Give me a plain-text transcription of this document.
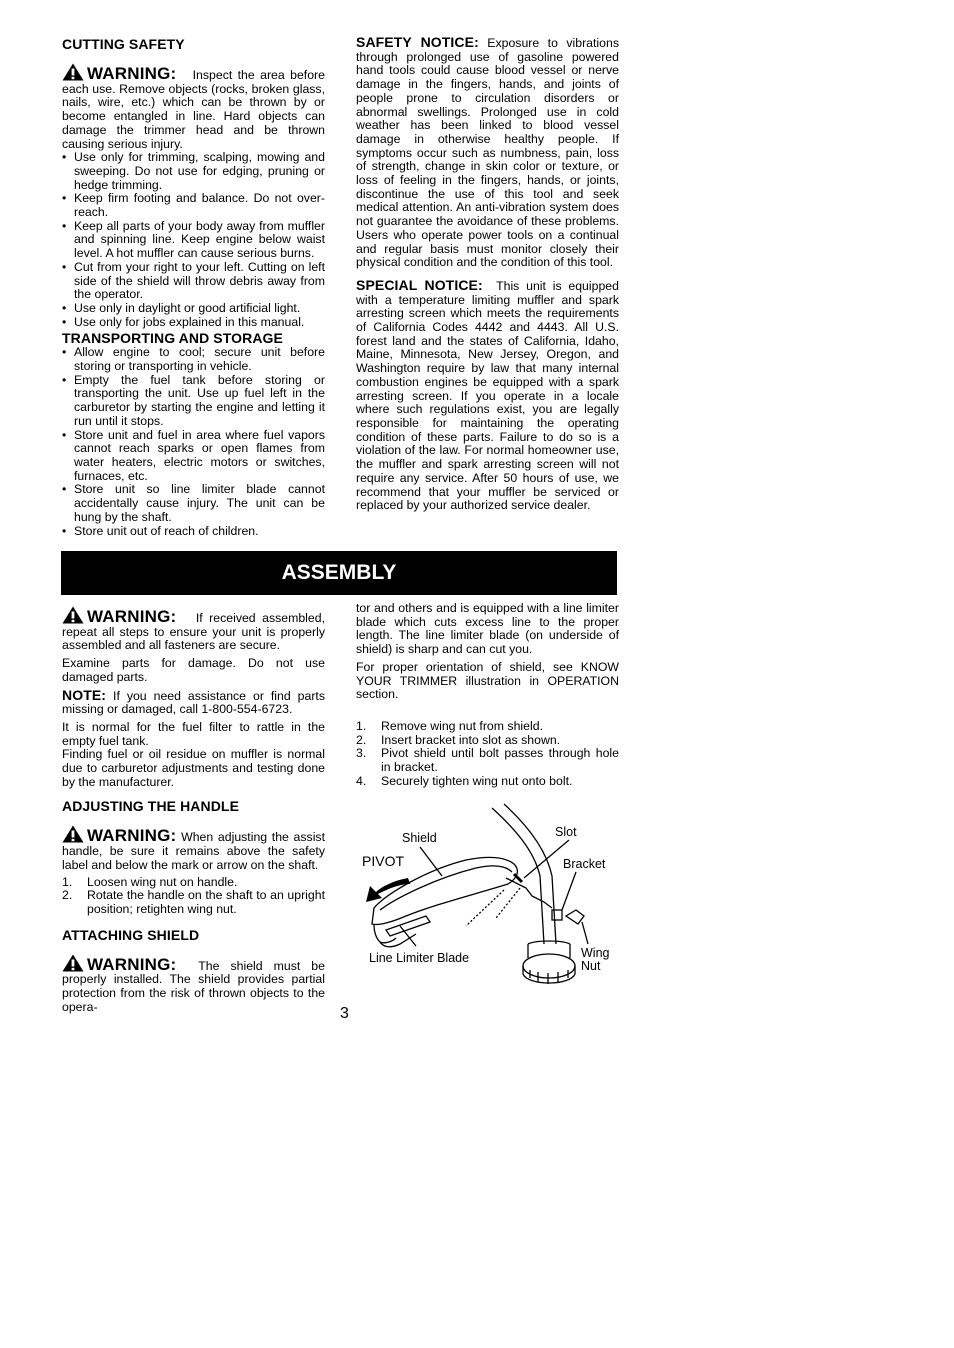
CUTTING SAFETY

WARNING: Inspect the area before each use. Remove objects (rocks, broken glass, nails, wire, etc.) which can be thrown by or become entangled in line. Hard objects can damage the trimmer head and be thrown causing serious injury.

• Use only for trimming, scalping, mowing and sweeping. Do not use for edging, pruning or hedge trimming.
• Keep firm footing and balance. Do not over-reach.
• Keep all parts of your body away from muffler and spinning line. Keep engine below waist level. A hot muffler can cause serious burns.
• Cut from your right to your left. Cutting on left side of the shield will throw debris away from the operator.
• Use only in daylight or good artificial light.
• Use only for jobs explained in this manual.
TRANSPORTING AND STORAGE
• Allow engine to cool; secure unit before storing or transporting in vehicle.
• Empty the fuel tank before storing or transporting the unit. Use up fuel left in the carburetor by starting the engine and letting it run until it stops.
• Store unit and fuel in area where fuel vapors cannot reach sparks or open flames from water heaters, electric motors or switches, furnaces, etc.
• Store unit so line limiter blade cannot accidentally cause injury. The unit can be hung by the shaft.
• Store unit out of reach of children.

SAFETY NOTICE: Exposure to vibrations through prolonged use of gasoline powered hand tools could cause blood vessel or nerve damage in the fingers, hands, and joints of people prone to circulation disorders or abnormal swellings. Prolonged use in cold weather has been linked to blood vessel damage in otherwise healthy people. If symptoms occur such as numbness, pain, loss of strength, change in skin color or texture, or loss of feeling in the fingers, hands, or joints, discontinue the use of this tool and seek medical attention. An anti-vibration system does not guarantee the avoidance of these problems. Users who operate power tools on a continual and regular basis must monitor closely their physical condition and the condition of this tool.

SPECIAL NOTICE: This unit is equipped with a temperature limiting muffler and spark arresting screen which meets the requirements of California Codes 4442 and 4443. All U.S. forest land and the states of California, Idaho, Maine, Minnesota, New Jersey, Oregon, and Washington require by law that many internal combustion engines be equipped with a spark arresting screen. If you operate in a locale where such regulations exist, you are legally responsible for maintaining the operating condition of these parts. Failure to do so is a violation of the law. For normal homeowner use, the muffler and spark arresting screen will not require any service. After 50 hours of use, we recommend that your muffler be serviced or replaced by your authorized service dealer.

ASSEMBLY

WARNING: If received assembled, repeat all steps to ensure your unit is properly assembled and all fasteners are secure.

Examine parts for damage. Do not use damaged parts.

NOTE: If you need assistance or find parts missing or damaged, call 1-800-554-6723.

It is normal for the fuel filter to rattle in the empty fuel tank.

Finding fuel or oil residue on muffler is normal due to carburetor adjustments and testing done by the manufacturer.

ADJUSTING THE HANDLE

WARNING: When adjusting the assist handle, be sure it remains above the safety label and below the mark or arrow on the shaft.

1. Loosen wing nut on handle.
2. Rotate the handle on the shaft to an upright position; retighten wing nut.
ATTACHING SHIELD

WARNING: The shield must be properly installed. The shield provides partial protection from the risk of thrown objects to the opera-

tor and others and is equipped with a line limiter blade which cuts excess line to the proper length. The line limiter blade (on underside of shield) is sharp and can cut you.

For proper orientation of shield, see KNOW YOUR TRIMMER illustration in OPERATION section.

1. Remove wing nut from shield.
2. Insert bracket into slot as shown.
3. Pivot shield until bolt passes through hole in bracket.
4. Securely tighten wing nut onto bolt.
Shield	Slot
PIVOT	Bracket
Line Limiter Blade	Wing
Nut
3
